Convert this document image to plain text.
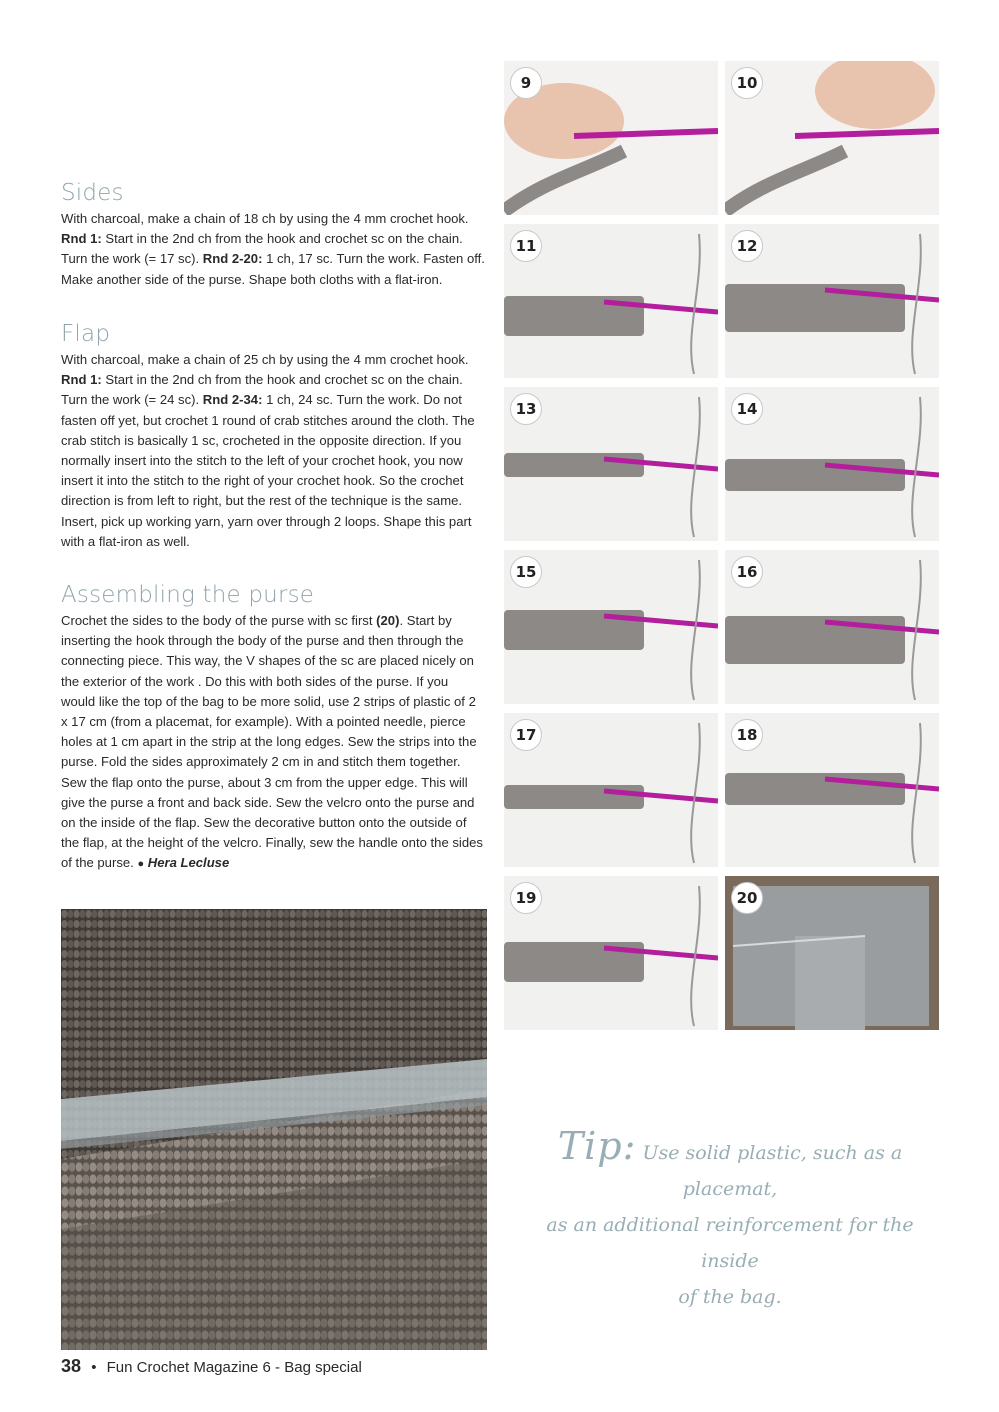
Sides

With charcoal, make a chain of 18 ch by using the 4 mm crochet hook.
Rnd 1: Start in the 2nd ch from the hook and crochet sc on the chain. Turn the work (= 17 sc). Rnd 2-20: 1 ch, 17 sc. Turn the work. Fasten off. Make another side of the purse. Shape both cloths with a flat-iron.

Flap

With charcoal, make a chain of 25 ch by using the 4 mm crochet hook.
Rnd 1: Start in the 2nd ch from the hook and crochet sc on the chain. Turn the work (= 24 sc). Rnd 2-34: 1 ch, 24 sc. Turn the work. Do not fasten off yet, but crochet 1 round of crab stitches around the cloth. The crab stitch is basically 1 sc, crocheted in the opposite direction. If you normally insert into the stitch to the left of your crochet hook, you now insert it into the stitch to the right of your crochet hook. So the crochet direction is from left to right, but the rest of the technique is the same. Insert, pick up working yarn, yarn over through 2 loops. Shape this part with a flat-iron as well.

Assembling the purse

Crochet the sides to the body of the purse with sc first (20). Start by inserting the hook through the body of the purse and then through the connecting piece. This way, the V shapes of the sc are placed nicely on the exterior of the work . Do this with both sides of the purse. If you would like the top of the bag to be more solid, use 2 strips of plastic of 2 x 17 cm (from a placemat, for example). With a pointed needle, pierce holes at 1 cm apart in the strip at the long edges. Sew the strips into the purse. Fold the sides approximately 2 cm in and stitch them together. Sew the flap onto the purse, about 3 cm from the upper edge. This will give the purse a front and back side. Sew the velcro onto the purse and on the inside of the flap. Sew the decorative button onto the outside of the flap, at the height of the velcro. Finally, sew the handle onto the sides of the purse. ● Hera Lecluse

9	10
11	12
13	14
15	16
17	18
19	20
Tip: Use solid plastic, such as a placemat,
as an additional reinforcement for the inside
of the bag.
38 • Fun Crochet Magazine 6 - Bag special
